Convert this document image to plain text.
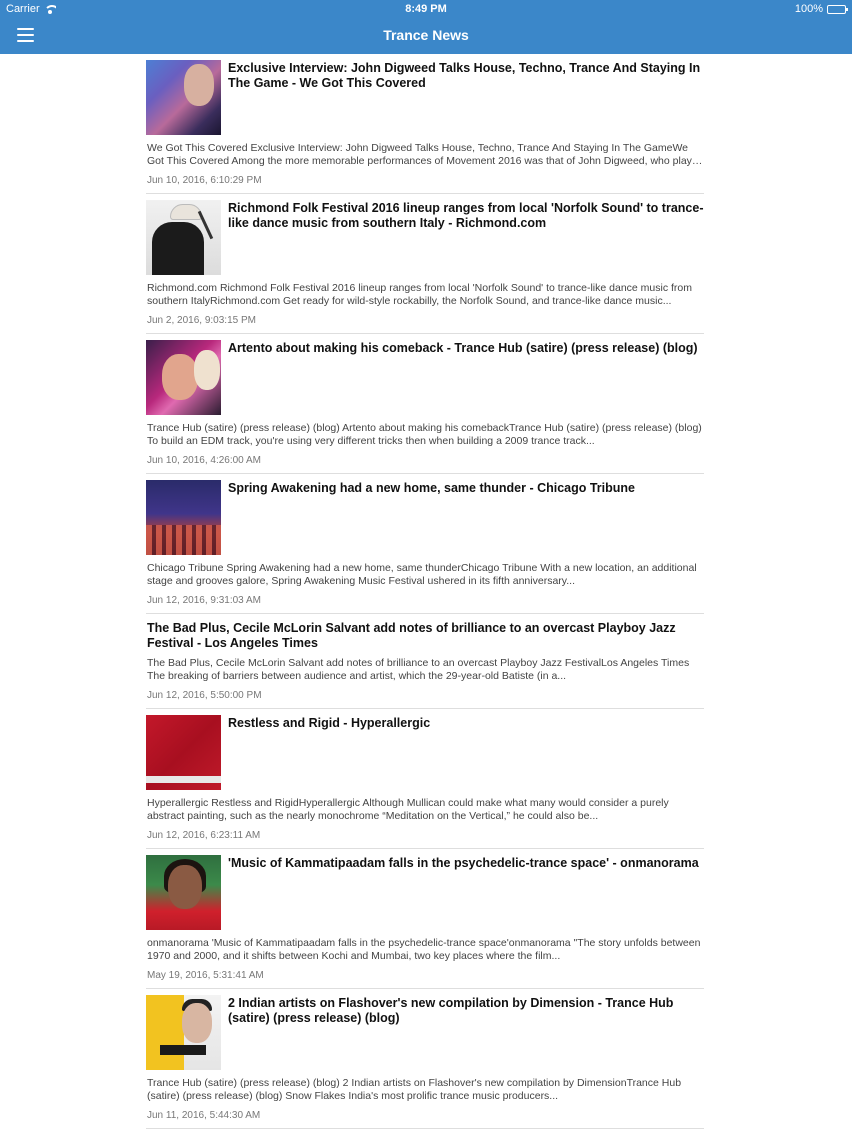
Carrier	8:49 PM	100%
Trance News
Exclusive Interview: John Digweed Talks House, Techno, Trance And Staying In The Game - We Got This Covered
We Got This Covered Exclusive Interview: John Digweed Talks House, Techno, Trance And Staying In The GameWe Got This Covered Among the more memorable performances of Movement 2016 was that of John Digweed, who played
Jun 10, 2016, 6:10:29 PM
Richmond Folk Festival 2016 lineup ranges from local 'Norfolk Sound' to trance-like dance music from southern Italy - Richmond.com
Richmond.com Richmond Folk Festival 2016 lineup ranges from local 'Norfolk Sound' to trance-like dance music from southern ItalyRichmond.com Get ready for wild-style rockabilly, the Norfolk Sound, and trance-like dance music...
Jun 2, 2016, 9:03:15 PM
Artento about making his comeback - Trance Hub (satire) (press release) (blog)
Trance Hub (satire) (press release) (blog) Artento about making his comebackTrance Hub (satire) (press release) (blog) To build an EDM track, you're using very different tricks then when building a 2009 trance track...
Jun 10, 2016, 4:26:00 AM
Spring Awakening had a new home, same thunder - Chicago Tribune
Chicago Tribune Spring Awakening had a new home, same thunderChicago Tribune With a new location, an additional stage and grooves galore, Spring Awakening Music Festival ushered in its fifth anniversary...
Jun 12, 2016, 9:31:03 AM
The Bad Plus, Cecile McLorin Salvant add notes of brilliance to an overcast Playboy Jazz Festival - Los Angeles Times
The Bad Plus, Cecile McLorin Salvant add notes of brilliance to an overcast Playboy Jazz FestivalLos Angeles Times The breaking of barriers between audience and artist, which the 29-year-old Batiste (in a...
Jun 12, 2016, 5:50:00 PM
Restless and Rigid - Hyperallergic
Hyperallergic Restless and RigidHyperallergic Although Mullican could make what many would consider a purely abstract painting, such as the nearly monochrome “Meditation on the Vertical,” he could also be...
Jun 12, 2016, 6:23:11 AM
'Music of Kammatipaadam falls in the psychedelic-trance space' - onmanorama
onmanorama 'Music of Kammatipaadam falls in the psychedelic-trance space'onmanorama "The story unfolds between 1970 and 2000, and it shifts between Kochi and Mumbai, two key places where the film...
May 19, 2016, 5:31:41 AM
2 Indian artists on Flashover's new compilation by Dimension - Trance Hub (satire) (press release) (blog)
Trance Hub (satire) (press release) (blog) 2 Indian artists on Flashover's new compilation by DimensionTrance Hub (satire) (press release) (blog) Snow Flakes India's most prolific trance music producers...
Jun 11, 2016, 5:44:30 AM
